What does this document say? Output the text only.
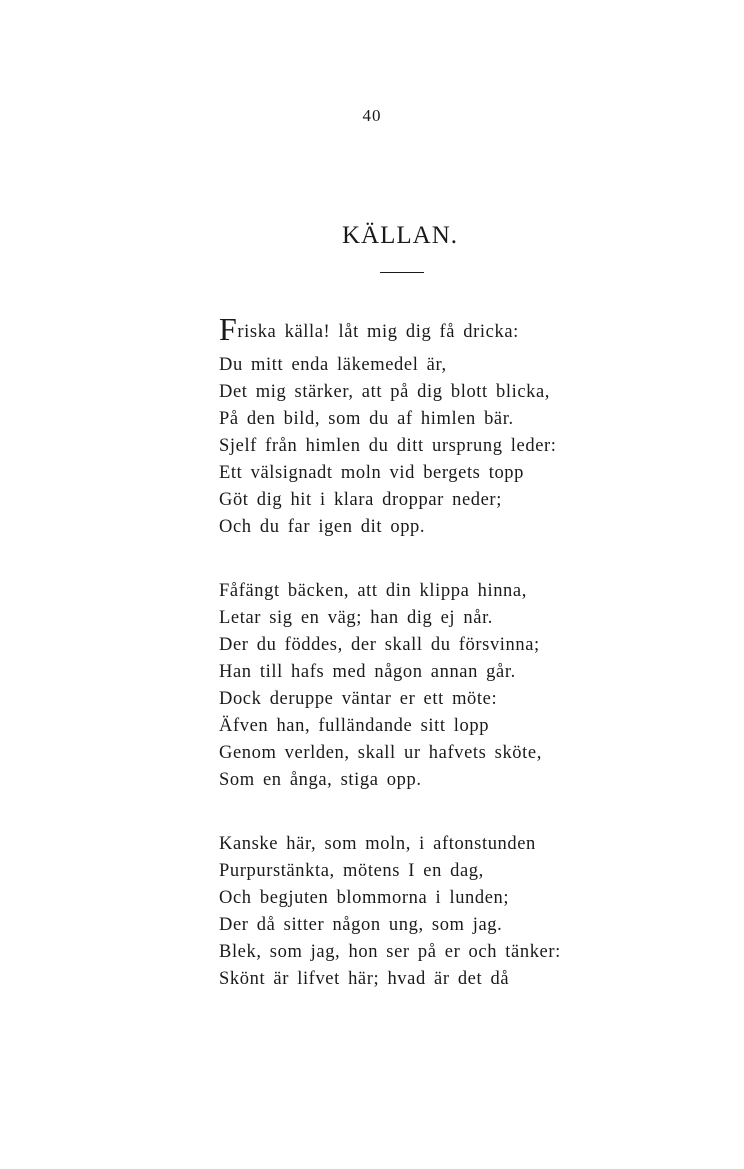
40
KÄLLAN.
Friska källa! låt mig dig få dricka:
Du mitt enda läkemedel är,
Det mig stärker, att på dig blott blicka,
På den bild, som du af himlen bär.
Sjelf från himlen du ditt ursprung leder:
Ett välsignadt moln vid bergets topp
Göt dig hit i klara droppar neder;
Och du far igen dit opp.
Fåfängt bäcken, att din klippa hinna,
Letar sig en väg; han dig ej når.
Der du föddes, der skall du försvinna;
Han till hafs med någon annan går.
Dock deruppe väntar er ett möte:
Äfven han, fulländande sitt lopp
Genom verlden, skall ur hafvets sköte,
Som en ånga, stiga opp.
Kanske här, som moln, i aftonstunden
Purpurstänkta, mötens I en dag,
Och begjuten blommorna i lunden;
Der då sitter någon ung, som jag.
Blek, som jag, hon ser på er och tänker:
Skönt är lifvet här; hvad är det då
